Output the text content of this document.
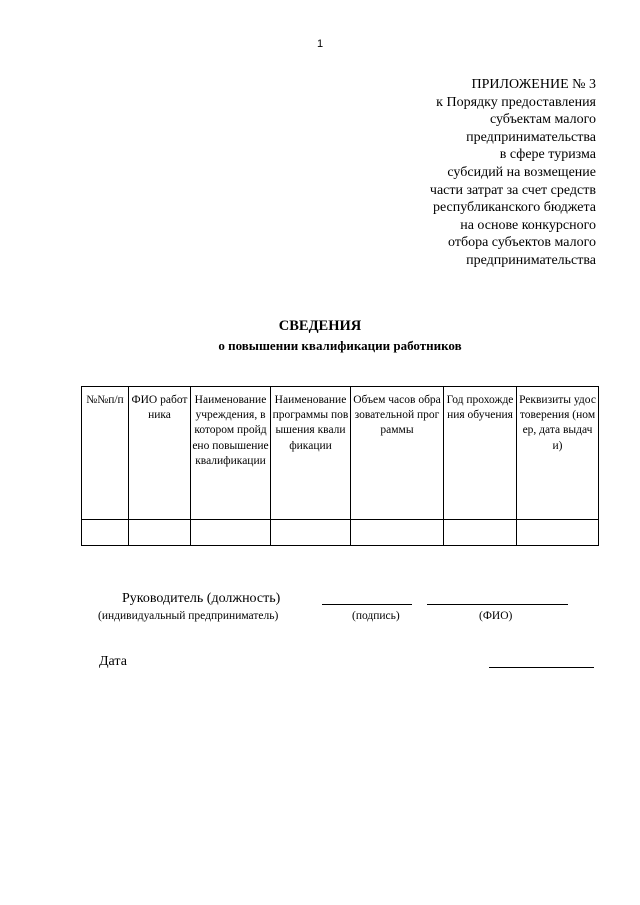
1
ПРИЛОЖЕНИЕ № 3
к Порядку предоставления
субъектам малого
предпринимательства
в сфере туризма
субсидий на возмещение
части затрат за счет средств
республиканского бюджета
на основе конкурсного
отбора субъектов малого
предпринимательства
СВЕДЕНИЯ
о повышении квалификации работников
№№п/п	ФИО работника	Наименование учреждения, в котором пройдено повышение квалификации	Наименование программы повышения квалификации	Объем часов образовательной программы	Год прохождения обучения	Реквизиты удостоверения (номер, дата выдачи)

Руководитель (должность)
(индивидуальный предприниматель)	(подпись)	(ФИО)
Дата
